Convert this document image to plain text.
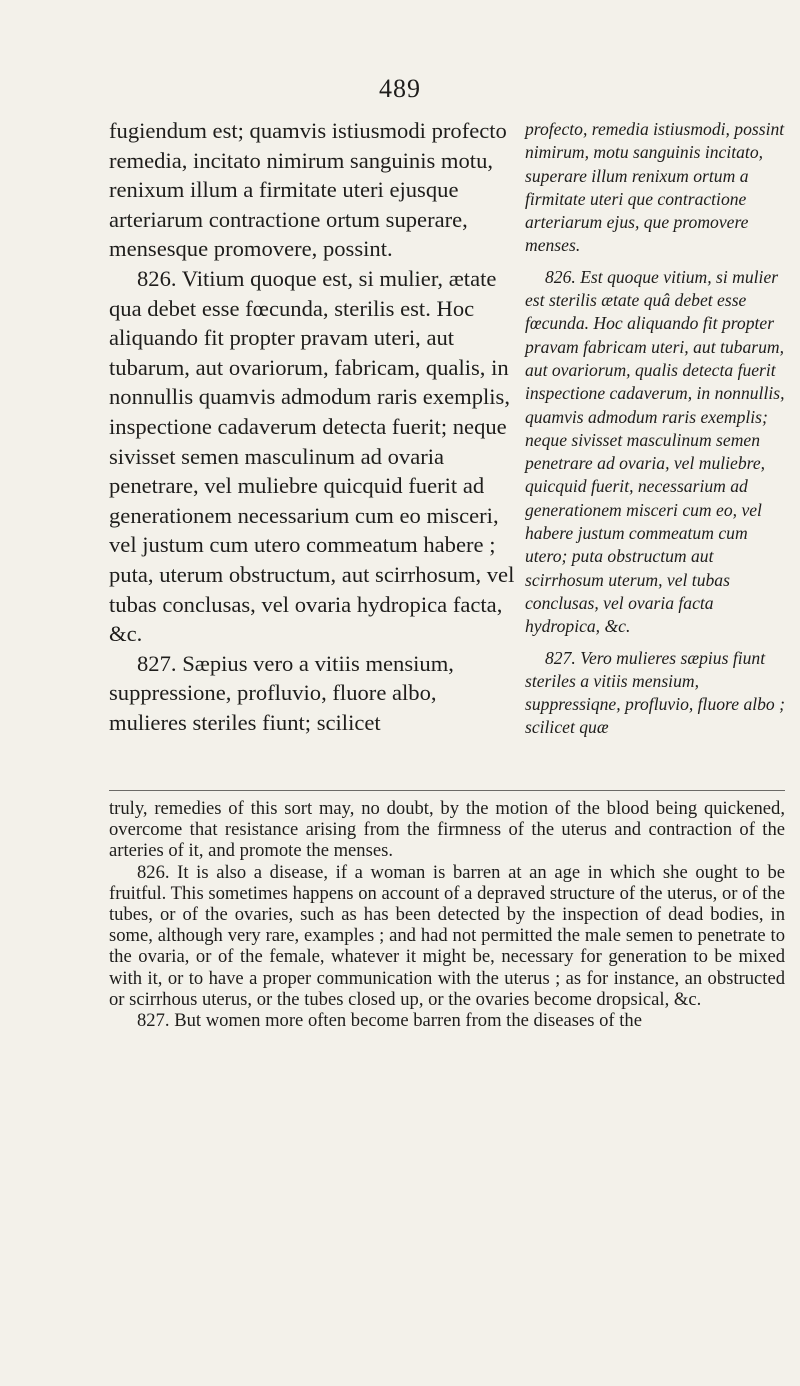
489

fugiendum est; quamvis istiusmodi profecto remedia, incitato nimirum sanguinis motu, renixum illum a firmitate uteri ejusque arteriarum contractione ortum superare, mensesque promovere, possint.

826. Vitium quoque est, si mulier, ætate qua debet esse fœcunda, sterilis est. Hoc aliquando fit propter pravam uteri, aut tubarum, aut ovariorum, fabricam, qualis, in nonnullis quamvis admodum raris exemplis, inspectione cadaverum detecta fuerit; neque sivisset semen masculinum ad ovaria penetrare, vel muliebre quicquid fuerit ad generationem necessarium cum eo misceri, vel justum cum utero commeatum habere ; puta, uterum obstructum, aut scirrhosum, vel tubas conclusas, vel ovaria hydropica facta, &c.

827. Sæpius vero a vitiis mensium, suppressione, profluvio, fluore albo, mulieres steriles fiunt; scilicet

profecto, remedia istiusmodi, possint nimirum, motu sanguinis incitato, superare illum renixum ortum a firmitate uteri que contractione arteriarum ejus, que promovere menses.

826. Est quoque vitium, si mulier est sterilis ætate quâ debet esse fœcunda. Hoc aliquando fit propter pravam fabricam uteri, aut tubarum, aut ovariorum, qualis detecta fuerit inspectione cadaverum, in nonnullis, quamvis admodum raris exemplis; neque sivisset masculinum semen penetrare ad ovaria, vel muliebre, quicquid fuerit, necessarium ad generationem misceri cum eo, vel habere justum commeatum cum utero; puta obstructum aut scirrhosum uterum, vel tubas conclusas, vel ovaria facta hydropica, &c.

827. Vero mulieres sæpius fiunt steriles a vitiis mensium, suppressiqne, profluvio, fluore albo ; scilicet quæ

truly, remedies of this sort may, no doubt, by the motion of the blood being quickened, overcome that resistance arising from the firmness of the uterus and contraction of the arteries of it, and promote the menses.

826. It is also a disease, if a woman is barren at an age in which she ought to be fruitful. This sometimes happens on account of a depraved structure of the uterus, or of the tubes, or of the ovaries, such as has been detected by the inspection of dead bodies, in some, although very rare, examples ; and had not permitted the male semen to penetrate to the ovaria, or of the female, whatever it might be, necessary for generation to be mixed with it, or to have a proper communication with the uterus ; as for instance, an obstructed or scirrhous uterus, or the tubes closed up, or the ovaries become dropsical, &c.

827. But women more often become barren from the diseases of the
